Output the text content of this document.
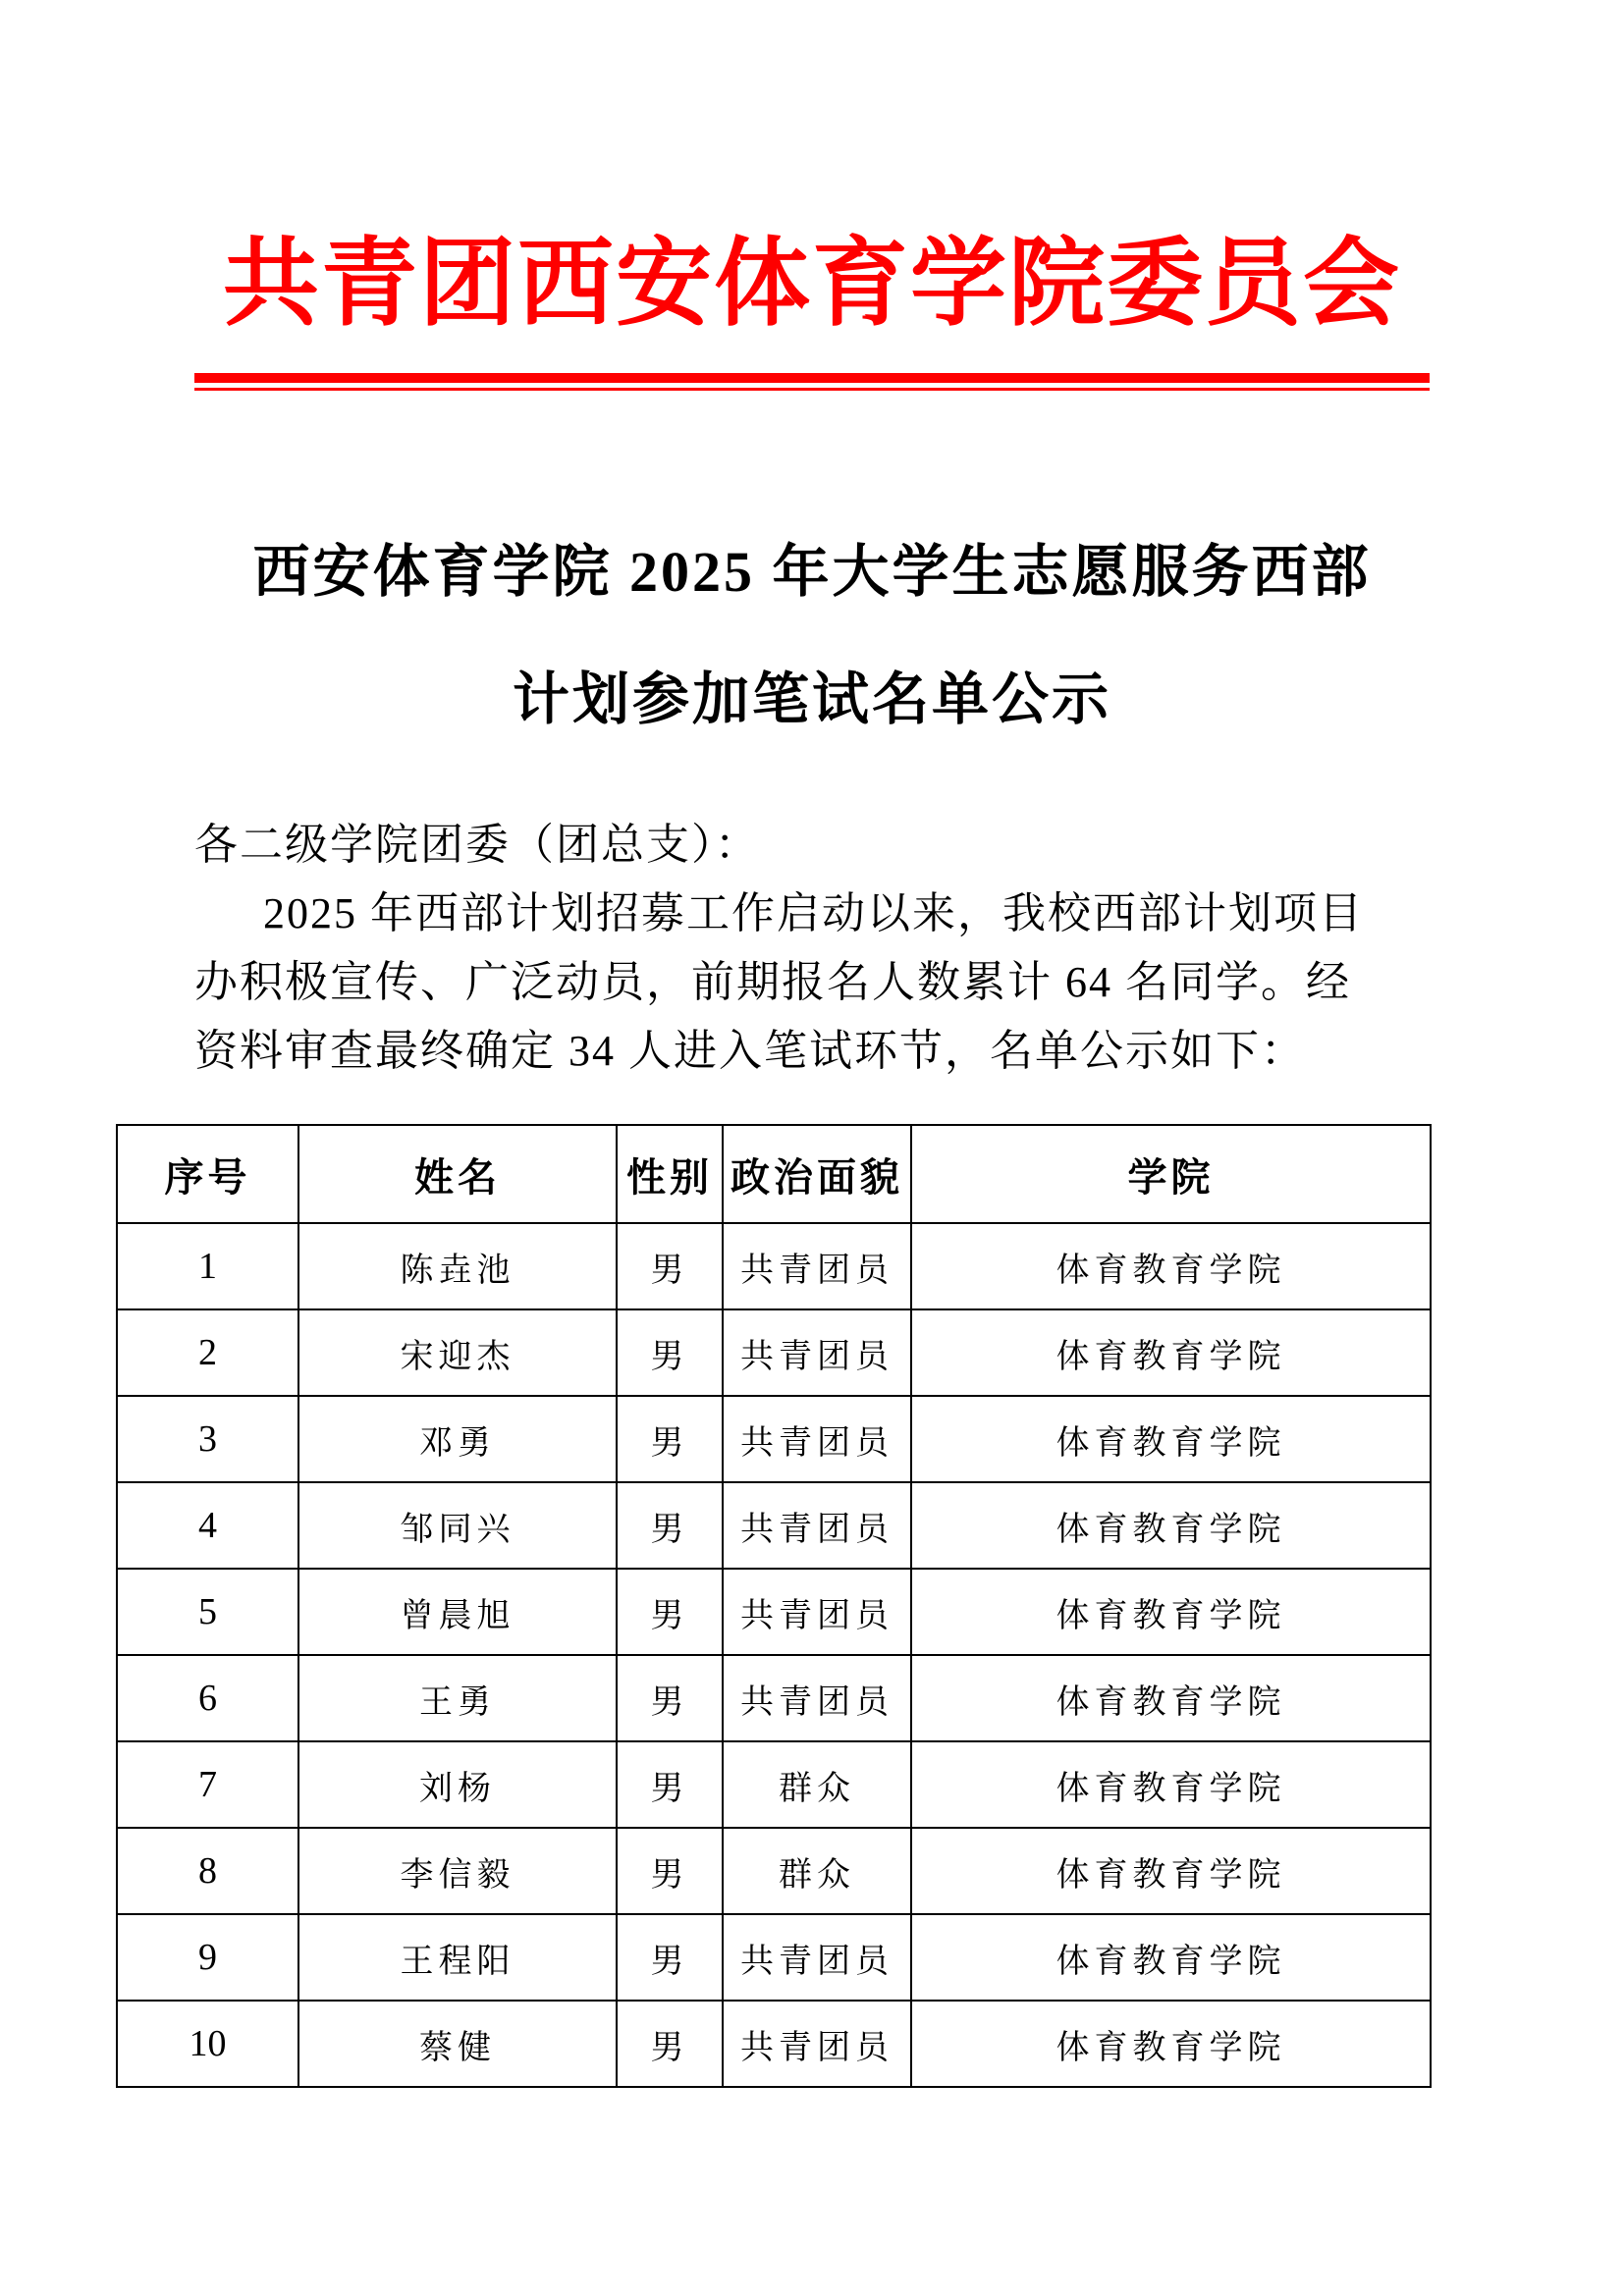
共青团西安体育学院委员会
西安体育学院 2025 年大学生志愿服务西部
计划参加笔试名单公示
各二级学院团委（团总支）：
2025 年西部计划招募工作启动以来，我校西部计划项目
办积极宣传、广泛动员，前期报名人数累计 64 名同学。经
资料审查最终确定 34 人进入笔试环节，名单公示如下：
序号	姓名	性别	政治面貌	学院
1	陈垚池	男	共青团员	体育教育学院
2	宋迎杰	男	共青团员	体育教育学院
3	邓勇	男	共青团员	体育教育学院
4	邹同兴	男	共青团员	体育教育学院
5	曾晨旭	男	共青团员	体育教育学院
6	王勇	男	共青团员	体育教育学院
7	刘杨	男	群众	体育教育学院
8	李信毅	男	群众	体育教育学院
9	王程阳	男	共青团员	体育教育学院
10	蔡健	男	共青团员	体育教育学院
